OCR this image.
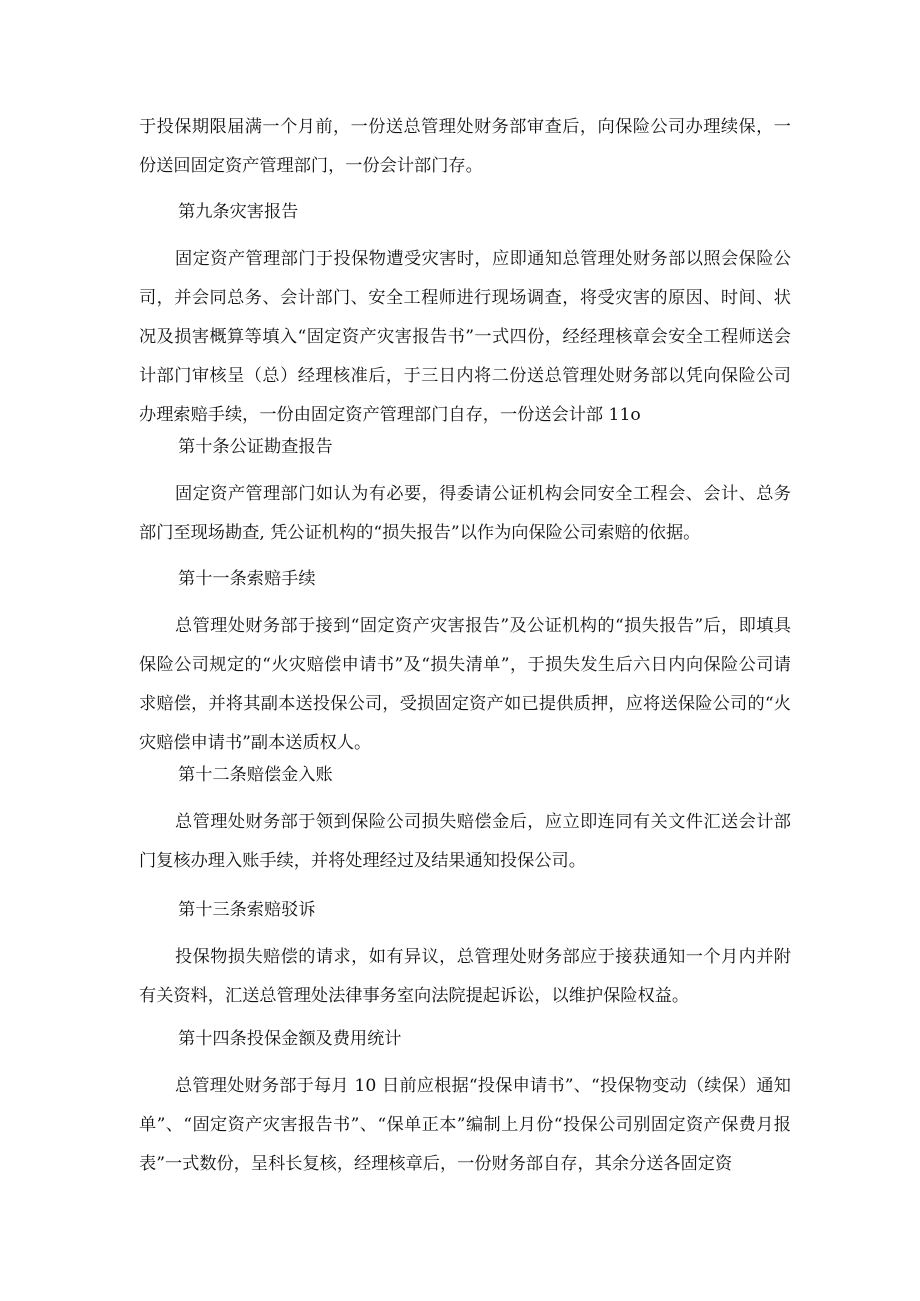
于投保期限届满一个月前，一份送总管理处财务部审查后，向保险公司办理续保，一份送回固定资产管理部门，一份会计部门存。

第九条灾害报告

固定资产管理部门于投保物遭受灾害时，应即通知总管理处财务部以照会保险公司，并会同总务、会计部门、安全工程师进行现场调查，将受灾害的原因、时间、状况及损害概算等填入“固定资产灾害报告书”一式四份，经经理核章会安全工程师送会计部门审核呈（总）经理核准后，于三日内将二份送总管理处财务部以凭向保险公司办理索赔手续，一份由固定资产管理部门自存，一份送会计部 11o

第十条公证勘查报告

固定资产管理部门如认为有必要，得委请公证机构会同安全工程会、会计、总务部门至现场勘查, 凭公证机构的“损失报告”以作为向保险公司索赔的依据。

第十一条索赔手续

总管理处财务部于接到“固定资产灾害报告”及公证机构的“损失报告”后，即填具保险公司规定的“火灾赔偿申请书”及“损失清单”，于损失发生后六日内向保险公司请求赔偿，并将其副本送投保公司，受损固定资产如已提供质押，应将送保险公司的“火灾赔偿申请书”副本送质权人。

第十二条赔偿金入账

总管理处财务部于领到保险公司损失赔偿金后，应立即连同有关文件汇送会计部门复核办理入账手续，并将处理经过及结果通知投保公司。

第十三条索赔驳诉

投保物损失赔偿的请求，如有异议，总管理处财务部应于接获通知一个月内并附有关资料，汇送总管理处法律事务室向法院提起诉讼，以维护保险权益。

第十四条投保金额及费用统计

总管理处财务部于每月 10 日前应根据“投保申请书”、“投保物变动（续保）通知单”、“固定资产灾害报告书”、“保单正本”编制上月份“投保公司别固定资产保费月报表”一式数份，呈科长复核，经理核章后，一份财务部自存，其余分送各固定资
